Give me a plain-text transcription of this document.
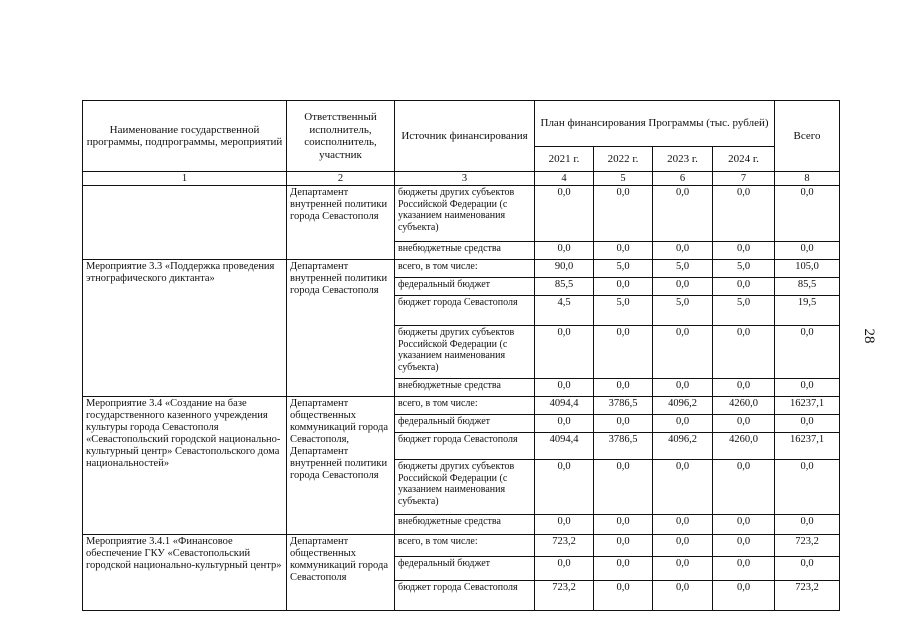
28
Наименование государственной программы, подпрограммы, мероприятий	Ответственный исполнитель, соисполнитель, участник	Источник финансирования	План финансирования Программы (тыс. рублей)				Всего
			2021 г.	2022 г.	2023 г.	2024 г.	
1	2	3	4	5	6	7	8
	Департамент внутренней политики города Севастополя	бюджеты других субъектов Российской Федерации (с указанием наименования субъекта)	0,0	0,0	0,0	0,0	0,0
		внебюджетные средства	0,0	0,0	0,0	0,0	0,0
Мероприятие 3.3 «Поддержка проведения этнографического диктанта»	Департамент внутренней политики города Севастополя	всего, в том числе:	90,0	5,0	5,0	5,0	105,0
		федеральный бюджет	85,5	0,0	0,0	0,0	85,5
		бюджет города Севастополя	4,5	5,0	5,0	5,0	19,5
		бюджеты других субъектов Российской Федерации (с указанием наименования субъекта)	0,0	0,0	0,0	0,0	0,0
		внебюджетные средства	0,0	0,0	0,0	0,0	0,0
Мероприятие 3.4 «Создание на базе государственного казенного учреждения культуры города Севастополя «Севастопольский городской национально-культурный центр» Севастопольского дома национальностей»	Департамент общественных коммуникаций города Севастополя, Департамент внутренней политики города Севастополя	всего, в том числе:	4094,4	3786,5	4096,2	4260,0	16237,1
		федеральный бюджет	0,0	0,0	0,0	0,0	0,0
		бюджет города Севастополя	4094,4	3786,5	4096,2	4260,0	16237,1
		бюджеты других субъектов Российской Федерации (с указанием наименования субъекта)	0,0	0,0	0,0	0,0	0,0
		внебюджетные средства	0,0	0,0	0,0	0,0	0,0
Мероприятие 3.4.1 «Финансовое обеспечение ГКУ «Севастопольский городской национально-культурный центр»	Департамент общественных коммуникаций города Севастополя	всего, в том числе:	723,2	0,0	0,0	0,0	723,2
		федеральный бюджет	0,0	0,0	0,0	0,0	0,0
		бюджет города Севастополя	723,2	0,0	0,0	0,0	723,2
